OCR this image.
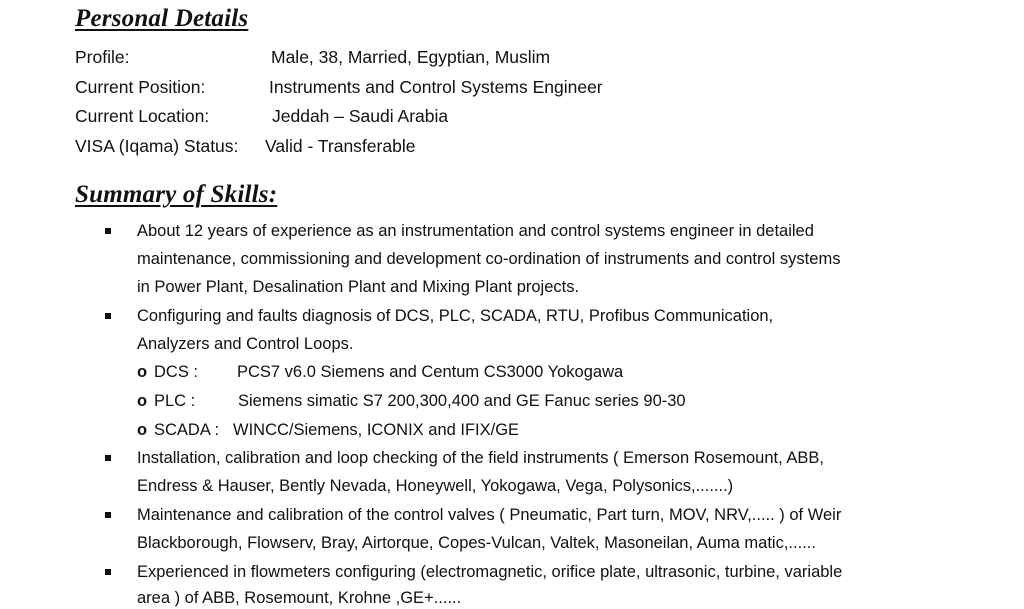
Personal Details
Profile:	Male, 38, Married, Egyptian, Muslim
Current Position:	Instruments and Control Systems Engineer
Current Location:	Jeddah – Saudi Arabia
VISA (Iqama) Status: Valid - Transferable
Summary of Skills:
About 12 years of experience as an instrumentation and control systems engineer in detailed
maintenance, commissioning and development co-ordination of instruments and control systems
in Power Plant, Desalination Plant and Mixing Plant projects.
Configuring and faults diagnosis of DCS, PLC, SCADA, RTU, Profibus Communication,
Analyzers and Control Loops.
o DCS : PCS7 v6.0 Siemens and Centum CS3000 Yokogawa
o PLC :	Siemens simatic S7 200,300,400 and GE Fanuc series 90-30
o SCADA : WINCC/Siemens, ICONIX and IFIX/GE
Installation, calibration and loop checking of the field instruments ( Emerson Rosemount, ABB,
Endress & Hauser, Bently Nevada, Honeywell, Yokogawa, Vega, Polysonics,.......)
Maintenance and calibration of the control valves ( Pneumatic, Part turn, MOV, NRV,..... ) of Weir
Blackborough, Flowserv, Bray, Airtorque, Copes-Vulcan, Valtek, Masoneilan, Auma matic,......
Experienced in flowmeters configuring (electromagnetic, orifice plate, ultrasonic, turbine, variable
area ) of ABB, Rosemount, Krohne ,GE+......
